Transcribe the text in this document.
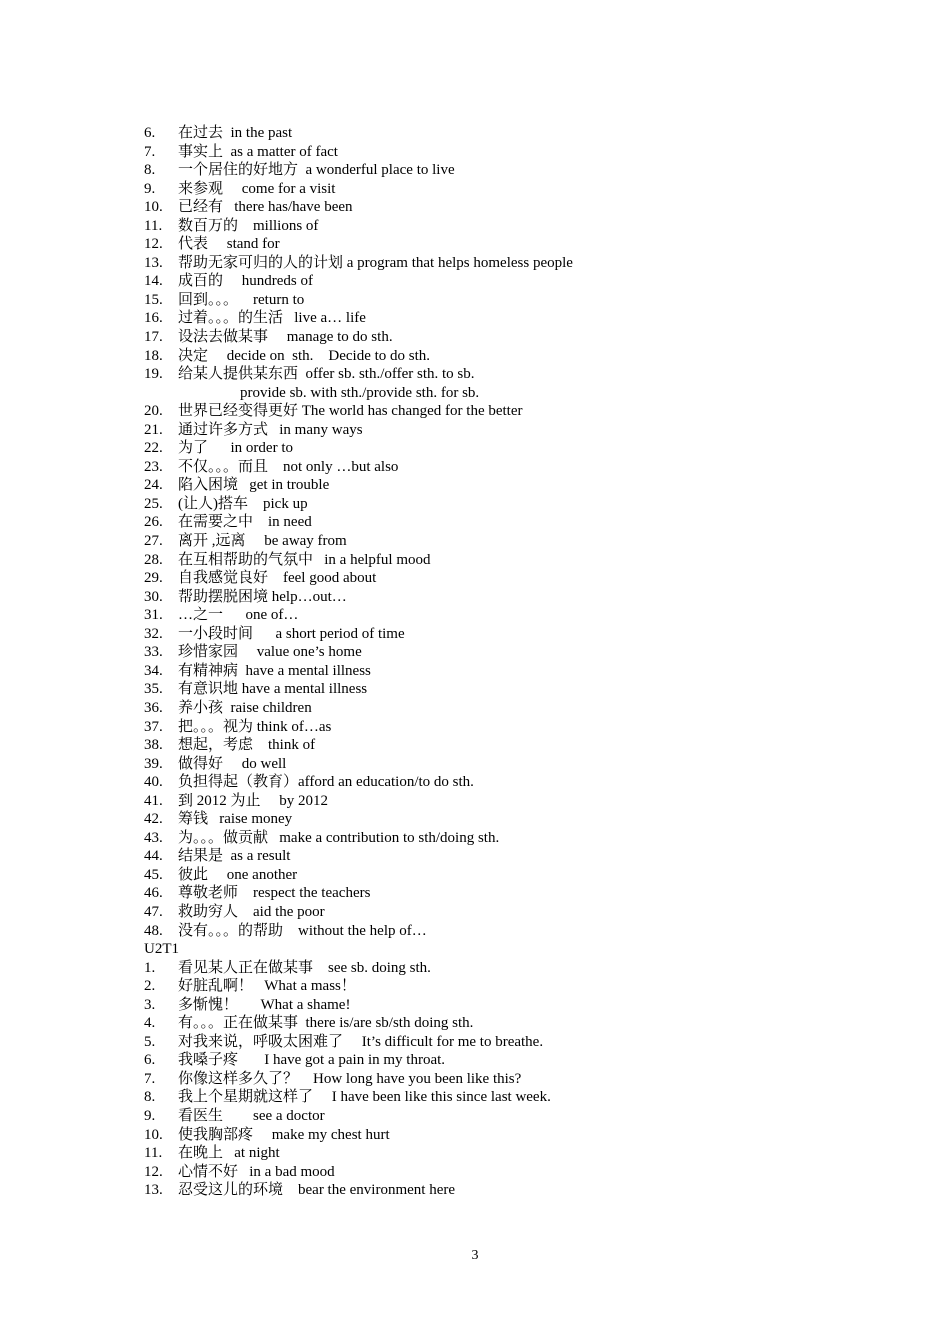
6.	在过去  in the past
7.	事实上  as a matter of fact
8.	一个居住的好地方  a wonderful place to live
9.	来参观     come for a visit
10.	已经有   there has/have been
11.	数百万的    millions of
12.	代表     stand for
13.	帮助无家可归的人的计划 a program that helps homeless people
14.	成百的     hundreds of
15.	回到。。。    return to
16.	过着。。。的生活   live a… life
17.	设法去做某事     manage to do sth.
18.	决定     decide on  sth.    Decide to do sth.
19.	给某人提供某东西  offer sb. sth./offer sth. to sb.
provide sb. with sth./provide sth. for sb.
20.	世界已经变得更好 The world has changed for the better
21.	通过许多方式   in many ways
22.	为了      in order to
23.	不仅。。。而且    not only …but also
24.	陷入困境   get in trouble
25.	(让人)搭车    pick up
26.	在需要之中    in need
27.	离开 ,远离     be away from
28.	在互相帮助的气氛中   in a helpful mood
29.	自我感觉良好    feel good about
30.	帮助摆脱困境 help…out…
31.	…之一      one of…
32.	一小段时间      a short period of time
33.	珍惜家园     value one’s home
34.	有精神病  have a mental illness
35.	有意识地 have a mental illness
36.	养小孩  raise children
37.	把。。。视为 think of…as
38.	想起，考虑    think of
39.	做得好     do well
40.	负担得起（教育）afford an education/to do sth.
41.	到 2012 为止     by 2012
42.	筹钱   raise money
43.	为。。。做贡献   make a contribution to sth/doing sth.
44.	结果是  as a result
45.	彼此     one another
46.	尊敬老师    respect the teachers
47.	救助穷人    aid the poor
48.	没有。。。的帮助    without the help of…
U2T1
1.	看见某人正在做某事    see sb. doing sth.
2.	好脏乱啊！   What a mass！
3.	多惭愧！      What a shame!
4.	有。。。正在做某事  there is/are sb/sth doing sth.
5.	对我来说，呼吸太困难了     It’s difficult for me to breathe.
6.	我嗓子疼       I have got a pain in my throat.
7.	你像这样多久了？    How long have you been like this?
8.	我上个星期就这样了     I have been like this since last week.
9.	看医生        see a doctor
10.	使我胸部疼     make my chest hurt
11.	在晚上   at night
12.	心情不好   in a bad mood
13.	忍受这儿的环境    bear the environment here
3
